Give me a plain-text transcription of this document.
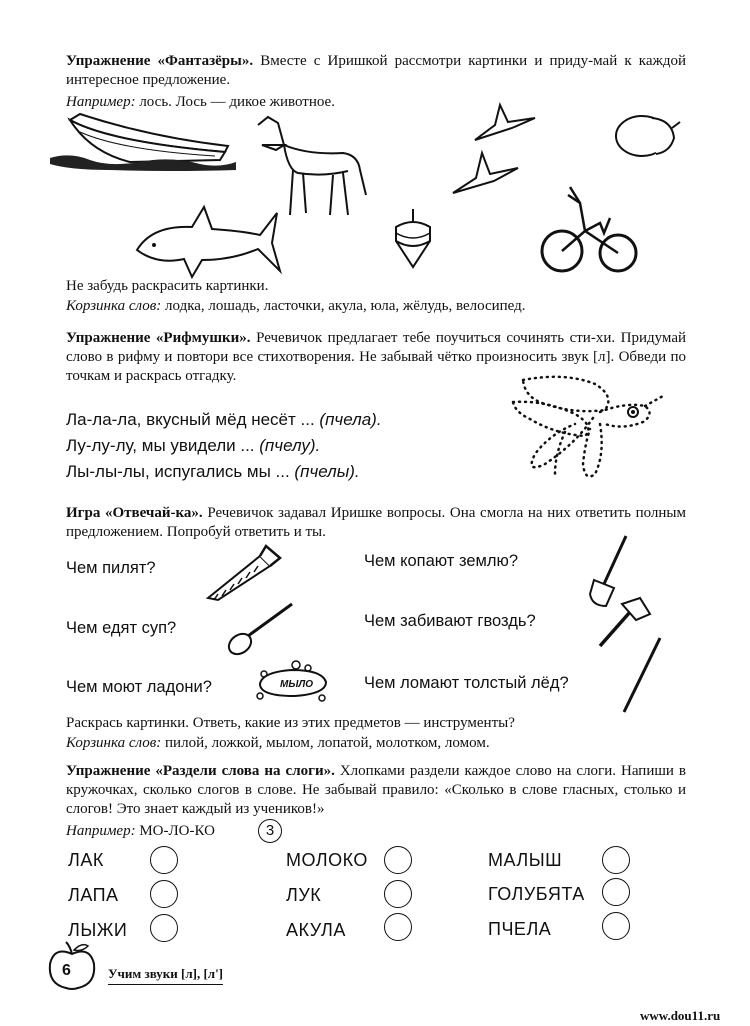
Упражнение «Фантазёры». Вместе с Иришкой рассмотри картинки и приду-май к каждой интересное предложение.
Например: лось. Лось — дикое животное.
Не забудь раскрасить картинки.
Корзинка слов: лодка, лошадь, ласточки, акула, юла, жёлудь, велосипед.
Упражнение «Рифмушки». Речевичок предлагает тебе поучиться сочинять сти-хи. Придумай слово в рифму и повтори все стихотворения. Не забывай чётко произносить звук [л]. Обведи по точкам и раскрась отгадку.
Ла-ла-ла, вкусный мёд несёт ... (пчела).
Лу-лу-лу, мы увидели ... (пчелу).
Лы-лы-лы, испугались мы ... (пчелы).
Игра «Отвечай-ка». Речевичок задавал Иришке вопросы. Она смогла на них ответить полным предложением. Попробуй ответить и ты.
Чем пилят?
Чем едят суп?
Чем моют ладони?
Чем копают землю?
Чем забивают гвоздь?
Чем ломают толстый лёд?
МЫЛО
Раскрась картинки. Ответь, какие из этих предметов — инструменты?
Корзинка слов: пилой, ложкой, мылом, лопатой, молотком, ломом.
Упражнение «Раздели слова на слоги». Хлопками раздели каждое слово на слоги. Напиши в кружочках, сколько слогов в слове. Не забывай правило: «Сколько в слове гласных, столько и слогов! Это знает каждый из учеников!»
Например: МО-ЛО-КО	3
ЛАК
ЛАПА
ЛЫЖИ
МОЛОКО
ЛУК
АКУЛА
МАЛЫШ
ГОЛУБЯТА
ПЧЕЛА
6	Учим звуки [л], [л']
www.dou11.ru
